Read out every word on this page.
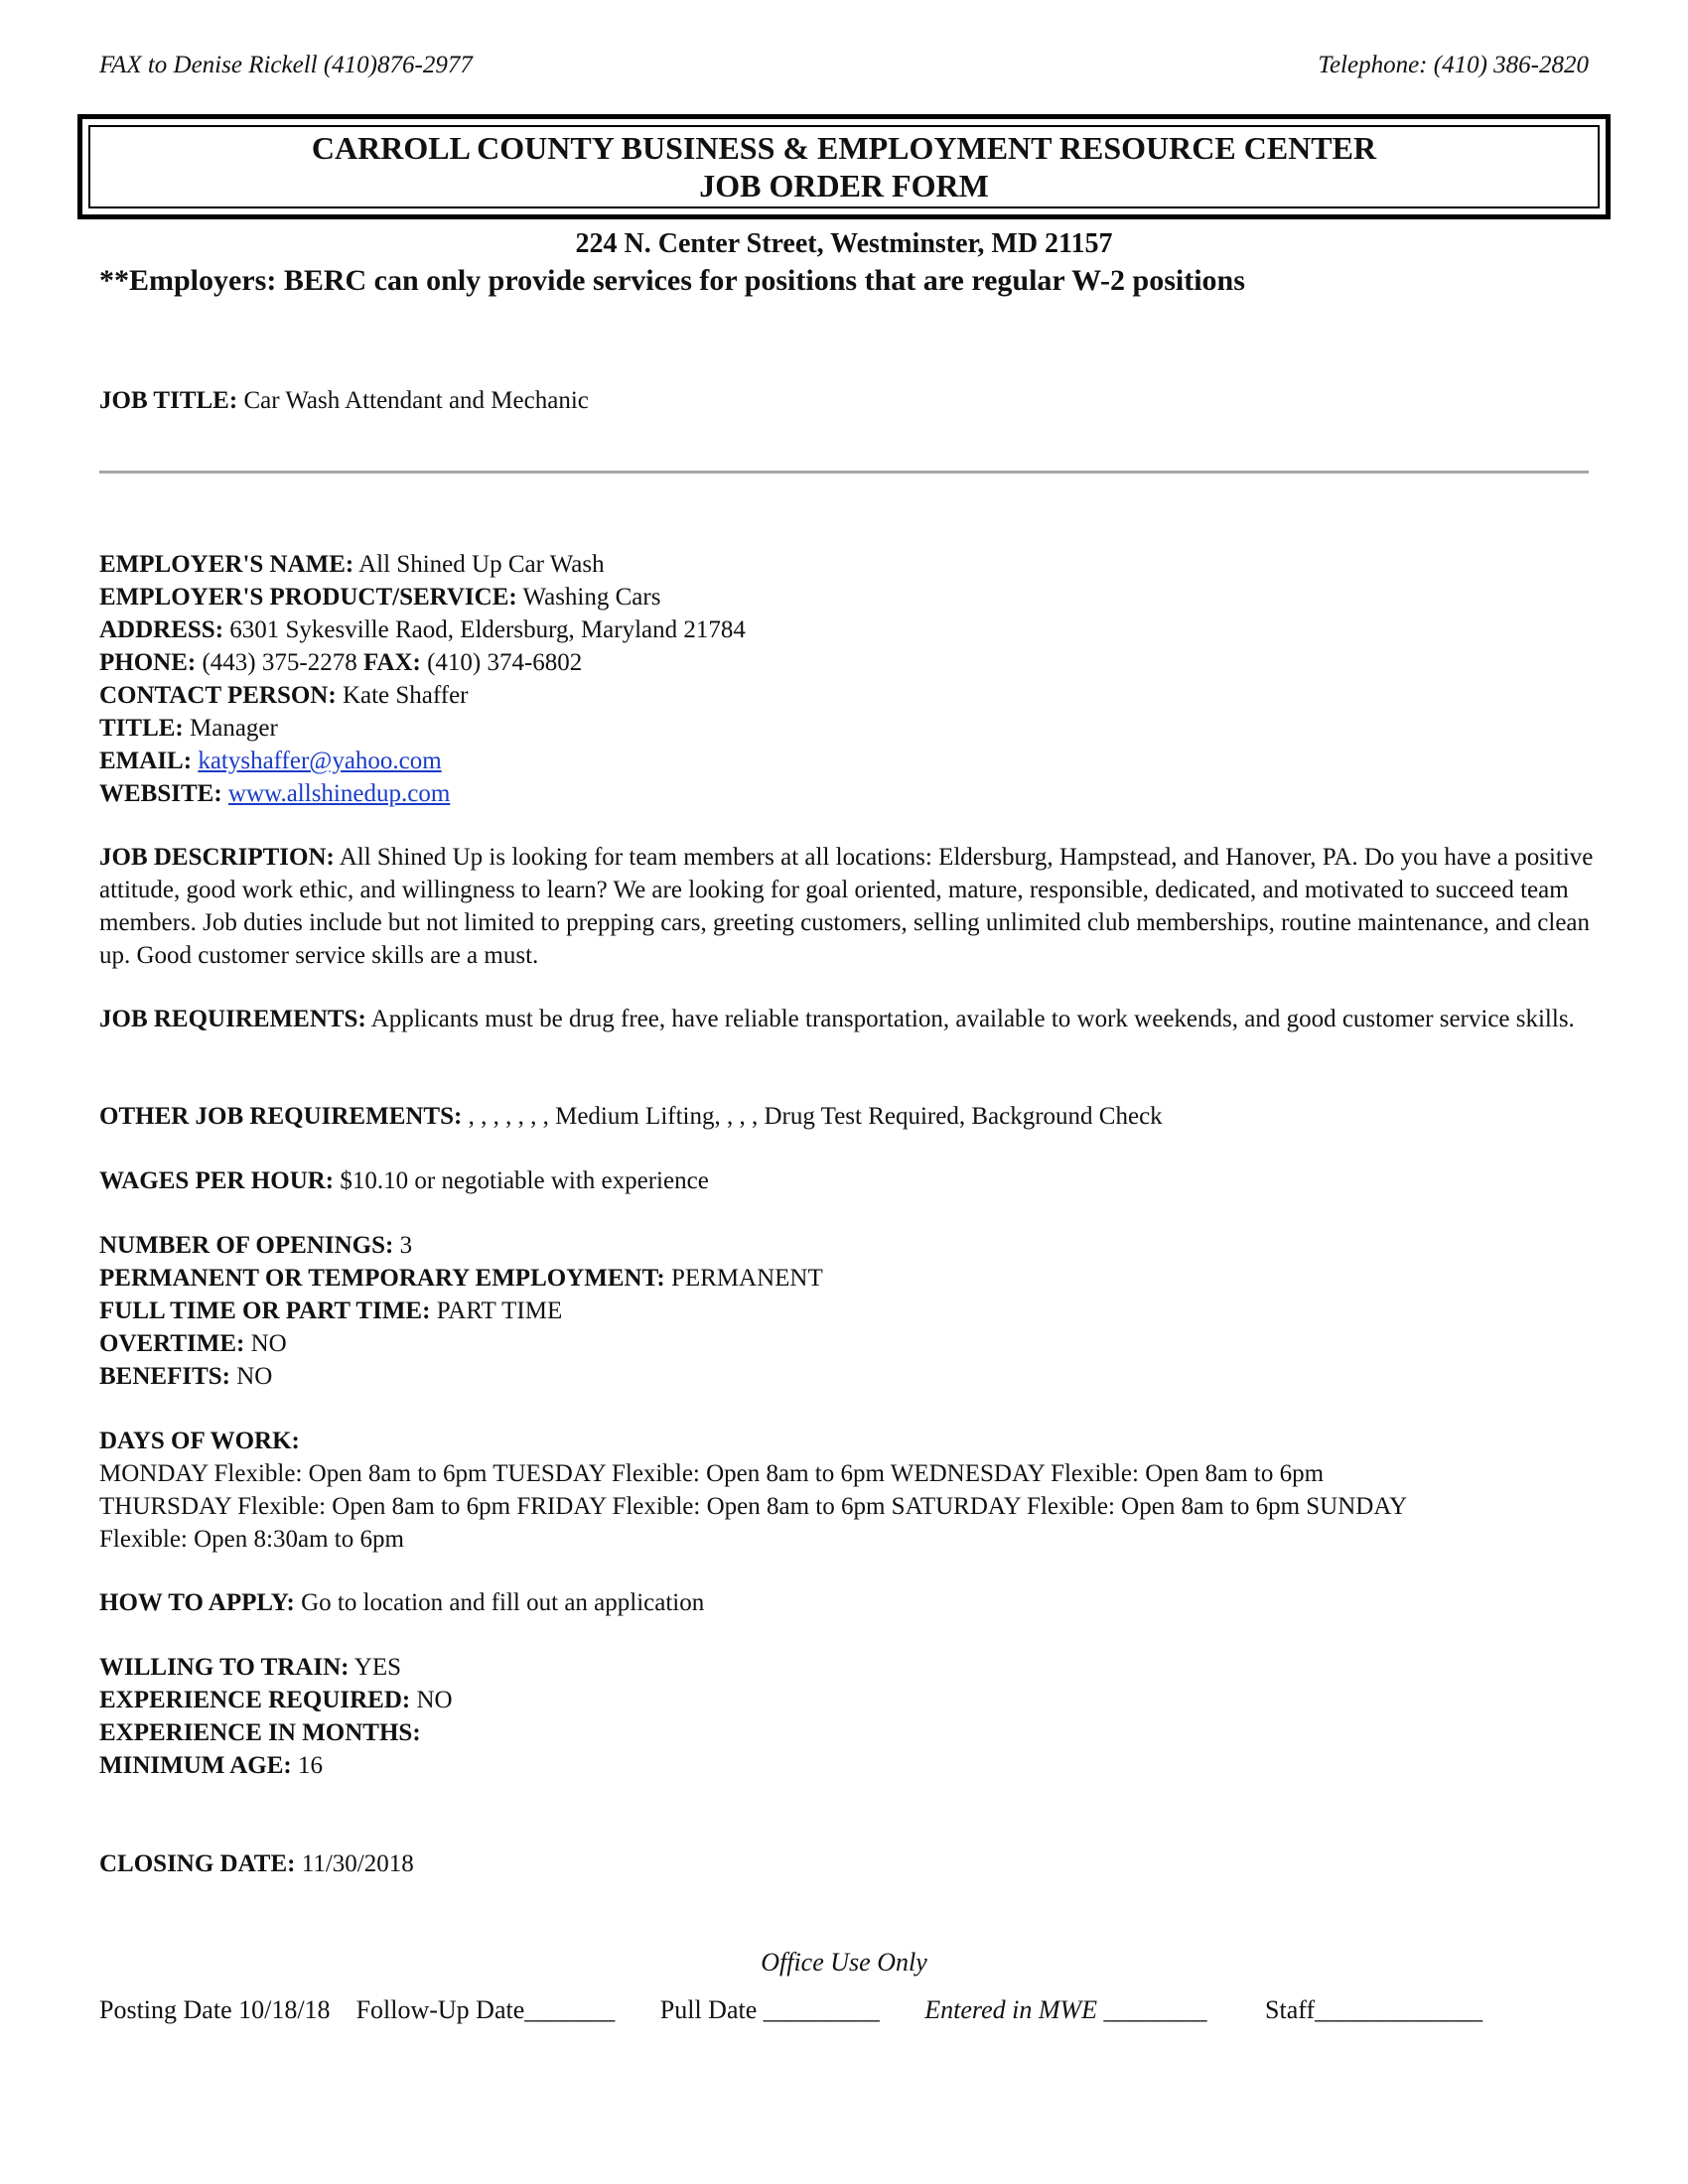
FAX to Denise Rickell (410)876-2977	Telephone: (410) 386-2820
CARROLL COUNTY BUSINESS & EMPLOYMENT RESOURCE CENTER
JOB ORDER FORM
224 N. Center Street, Westminster, MD 21157
**Employers: BERC can only provide services for positions that are regular W-2 positions
JOB TITLE: Car Wash Attendant and Mechanic
EMPLOYER'S NAME: All Shined Up Car Wash
EMPLOYER'S PRODUCT/SERVICE: Washing Cars
ADDRESS: 6301 Sykesville Raod, Eldersburg, Maryland 21784
PHONE: (443) 375-2278 FAX: (410) 374-6802
CONTACT PERSON: Kate Shaffer
TITLE: Manager
EMAIL: katyshaffer@yahoo.com
WEBSITE: www.allshinedup.com
JOB DESCRIPTION: All Shined Up is looking for team members at all locations: Eldersburg, Hampstead, and Hanover, PA. Do you have a positive attitude, good work ethic, and willingness to learn? We are looking for goal oriented, mature, responsible, dedicated, and motivated to succeed team members. Job duties include but not limited to prepping cars, greeting customers, selling unlimited club memberships, routine maintenance, and clean up. Good customer service skills are a must.
JOB REQUIREMENTS: Applicants must be drug free, have reliable transportation, available to work weekends, and good customer service skills.
OTHER JOB REQUIREMENTS: , , , , , , , Medium Lifting, , , , Drug Test Required, Background Check
WAGES PER HOUR: $10.10 or negotiable with experience
NUMBER OF OPENINGS: 3
PERMANENT OR TEMPORARY EMPLOYMENT: PERMANENT
FULL TIME OR PART TIME: PART TIME
OVERTIME: NO
BENEFITS: NO
DAYS OF WORK:
MONDAY Flexible: Open 8am to 6pm TUESDAY Flexible: Open 8am to 6pm WEDNESDAY Flexible: Open 8am to 6pm
THURSDAY Flexible: Open 8am to 6pm FRIDAY Flexible: Open 8am to 6pm SATURDAY Flexible: Open 8am to 6pm SUNDAY
Flexible: Open 8:30am to 6pm
HOW TO APPLY: Go to location and fill out an application
WILLING TO TRAIN: YES
EXPERIENCE REQUIRED: NO
EXPERIENCE IN MONTHS:
MINIMUM AGE: 16
CLOSING DATE: 11/30/2018
Office Use Only
Posting Date 10/18/18 Follow-Up Date_______ Pull Date _________ Entered in MWE ________ Staff_____________
